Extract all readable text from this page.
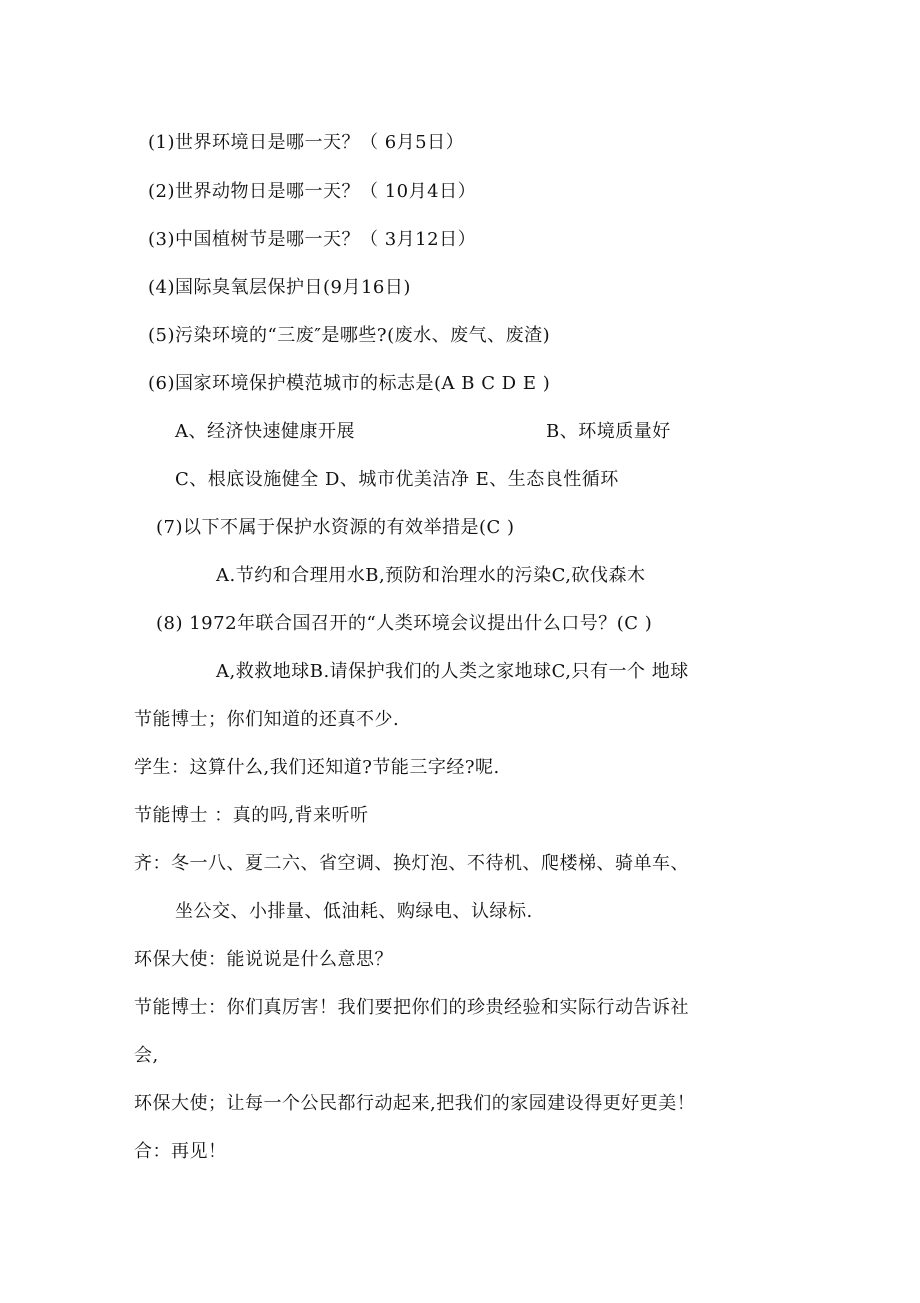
(1)世界环境日是哪一天？（ 6月5日）
(2)世界动物日是哪一天？（ 10月4日）
(3)中国植树节是哪一天？（ 3月12日）
(4)国际臭氧层保护日(9月16日)
(5)污染环境的“三废″是哪些?(废水、废气、废渣)
(6)国家环境保护模范城市的标志是(A B C D E )
A、经济快速健康开展	B、环境质量好
C、根底设施健全 D、城市优美洁净 E、生态良性循环
(7)以下不属于保护水资源的有效举措是(C )
A.节约和合理用水B,预防和治理水的污染C,砍伐森木
(8) 1972年联合国召开的“人类环境会议提出什么口号？(C )
A,救救地球B.请保护我们的人类之家地球C,只有一个 地球
节能博士；你们知道的还真不少.
学生：这算什么,我们还知道?节能三字经?呢.
节能博士 ：真的吗,背来听听
齐：冬一八、夏二六、省空调、换灯泡、不待机、爬楼梯、骑单车、
坐公交、小排量、低油耗、购绿电、认绿标.
环保大使：能说说是什么意思？
节能博士：你们真厉害！我们要把你们的珍贵经验和实际行动告诉社
会,
环保大使；让每一个公民都行动起来,把我们的家园建设得更好更美！
合：再见！
